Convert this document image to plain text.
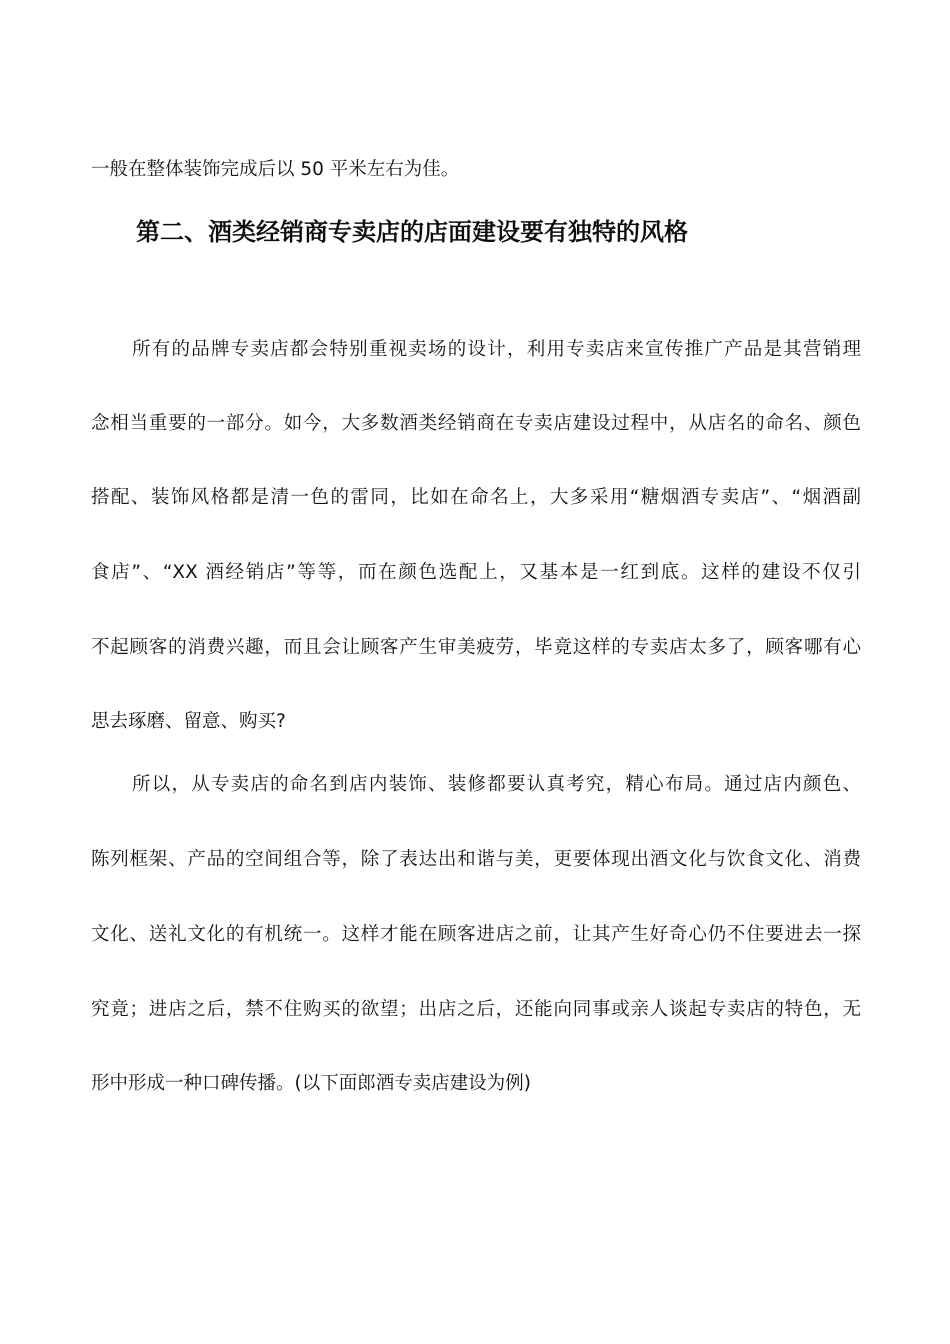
一般在整体装饰完成后以 50 平米左右为佳。
第二、酒类经销商专卖店的店面建设要有独特的风格
所有的品牌专卖店都会特别重视卖场的设计，利用专卖店来宣传推广产品是其营销理
念相当重要的一部分。如今，大多数酒类经销商在专卖店建设过程中，从店名的命名、颜色
搭配、装饰风格都是清一色的雷同，比如在命名上，大多采用“糖烟酒专卖店”、“烟酒副
食店”、“XX 酒经销店”等等，而在颜色选配上，又基本是一红到底。这样的建设不仅引
不起顾客的消费兴趣，而且会让顾客产生审美疲劳，毕竟这样的专卖店太多了，顾客哪有心
思去琢磨、留意、购买?
所以，从专卖店的命名到店内装饰、装修都要认真考究，精心布局。通过店内颜色、
陈列框架、产品的空间组合等，除了表达出和谐与美，更要体现出酒文化与饮食文化、消费
文化、送礼文化的有机统一。这样才能在顾客进店之前，让其产生好奇心仍不住要进去一探
究竟；进店之后，禁不住购买的欲望；出店之后，还能向同事或亲人谈起专卖店的特色，无
形中形成一种口碑传播。(以下面郎酒专卖店建设为例)
